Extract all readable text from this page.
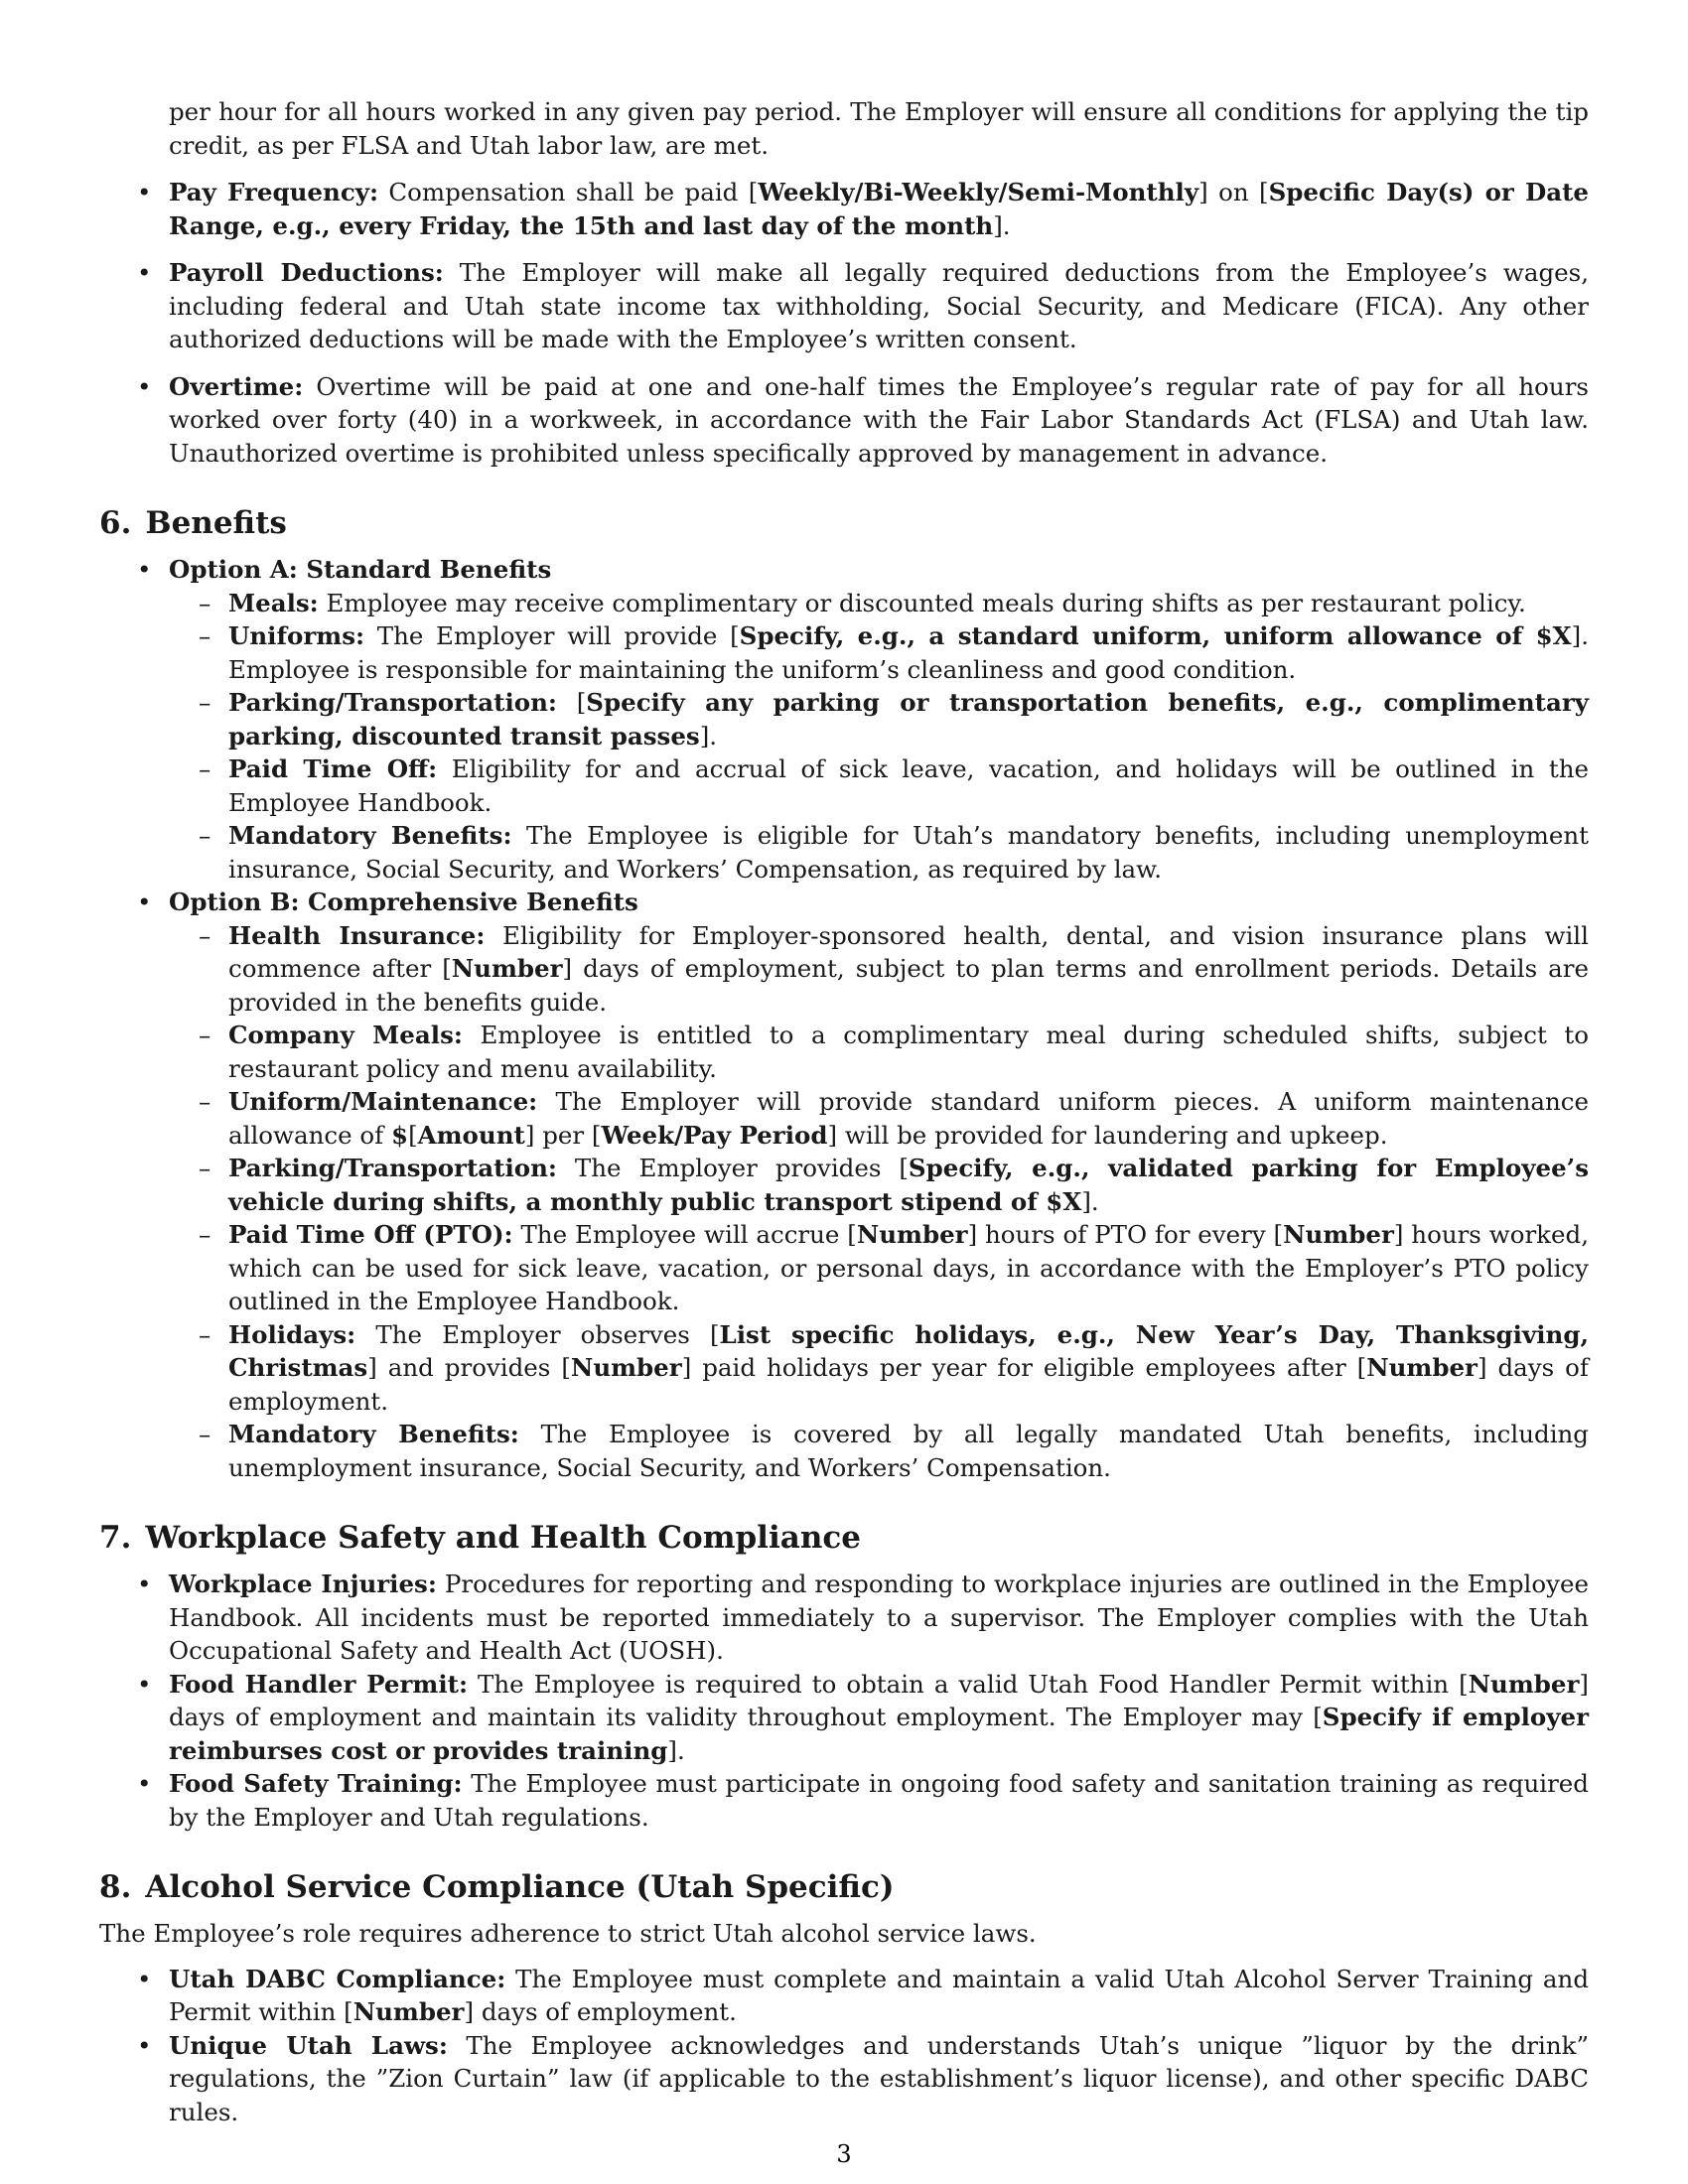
per hour for all hours worked in any given pay period. The Employer will ensure all conditions for applying the tip credit, as per FLSA and Utah labor law, are met.
• Pay Frequency: Compensation shall be paid [Weekly/Bi-Weekly/Semi-Monthly] on [Specific Day(s) or Date Range, e.g., every Friday, the 15th and last day of the month].
• Payroll Deductions: The Employer will make all legally required deductions from the Employee’s wages, including federal and Utah state income tax withholding, Social Security, and Medicare (FICA). Any other authorized deductions will be made with the Employee’s written consent.
• Overtime: Overtime will be paid at one and one-half times the Employee’s regular rate of pay for all hours worked over forty (40) in a workweek, in accordance with the Fair Labor Standards Act (FLSA) and Utah law. Unauthorized overtime is prohibited unless specifically approved by management in advance.
6. Benefits
• Option A: Standard Benefits
– Meals: Employee may receive complimentary or discounted meals during shifts as per restaurant policy.
– Uniforms: The Employer will provide [Specify, e.g., a standard uniform, uniform allowance of $X]. Employee is responsible for maintaining the uniform’s cleanliness and good condition.
– Parking/Transportation: [Specify any parking or transportation benefits, e.g., complimentary parking, discounted transit passes].
– Paid Time Off: Eligibility for and accrual of sick leave, vacation, and holidays will be outlined in the Employee Handbook.
– Mandatory Benefits: The Employee is eligible for Utah’s mandatory benefits, including unemployment insurance, Social Security, and Workers’ Compensation, as required by law.
• Option B: Comprehensive Benefits
– Health Insurance: Eligibility for Employer-sponsored health, dental, and vision insurance plans will commence after [Number] days of employment, subject to plan terms and enrollment periods. Details are provided in the benefits guide.
– Company Meals: Employee is entitled to a complimentary meal during scheduled shifts, subject to restaurant policy and menu availability.
– Uniform/Maintenance: The Employer will provide standard uniform pieces. A uniform maintenance allowance of $[Amount] per [Week/Pay Period] will be provided for laundering and upkeep.
– Parking/Transportation: The Employer provides [Specify, e.g., validated parking for Employee’s vehicle during shifts, a monthly public transport stipend of $X].
– Paid Time Off (PTO): The Employee will accrue [Number] hours of PTO for every [Number] hours worked, which can be used for sick leave, vacation, or personal days, in accordance with the Employer’s PTO policy outlined in the Employee Handbook.
– Holidays: The Employer observes [List specific holidays, e.g., New Year’s Day, Thanksgiving, Christmas] and provides [Number] paid holidays per year for eligible employees after [Number] days of employment.
– Mandatory Benefits: The Employee is covered by all legally mandated Utah benefits, including unemployment insurance, Social Security, and Workers’ Compensation.
7. Workplace Safety and Health Compliance
• Workplace Injuries: Procedures for reporting and responding to workplace injuries are outlined in the Employee Handbook. All incidents must be reported immediately to a supervisor. The Employer complies with the Utah Occupational Safety and Health Act (UOSH).
• Food Handler Permit: The Employee is required to obtain a valid Utah Food Handler Permit within [Number] days of employment and maintain its validity throughout employment. The Employer may [Specify if employer reimburses cost or provides training].
• Food Safety Training: The Employee must participate in ongoing food safety and sanitation training as required by the Employer and Utah regulations.
8. Alcohol Service Compliance (Utah Specific)

The Employee’s role requires adherence to strict Utah alcohol service laws.

• Utah DABC Compliance: The Employee must complete and maintain a valid Utah Alcohol Server Training and Permit within [Number] days of employment.
• Unique Utah Laws: The Employee acknowledges and understands Utah’s unique ”liquor by the drink” regulations, the ”Zion Curtain” law (if applicable to the establishment’s liquor license), and other specific DABC rules.
3
